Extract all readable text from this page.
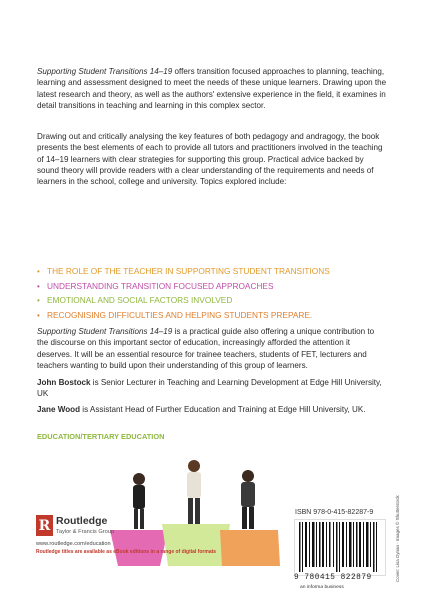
Supporting Student Transitions 14–19 offers transition focused approaches to planning, teaching, learning and assessment designed to meet the needs of these unique learners. Drawing upon the latest research and theory, as well as the authors' extensive experience in the field, it examines in detail transitions in teaching and learning in this complex sector.

Drawing out and critically analysing the key features of both pedagogy and andragogy, the book presents the best elements of each to provide all tutors and practitioners involved in the teaching of 14–19 learners with clear strategies for supporting this group. Practical advice backed by sound theory will provide readers with a clear understanding of the requirements and needs of learners in the school, college and university. Topics explored include:

• THE ROLE OF THE TEACHER IN SUPPORTING STUDENT TRANSITIONS
• UNDERSTANDING TRANSITION FOCUSED APPROACHES
• EMOTIONAL AND SOCIAL FACTORS INVOLVED
• RECOGNISING DIFFICULTIES AND HELPING STUDENTS PREPARE.

Supporting Student Transitions 14–19 is a practical guide also offering a unique contribution to the discourse on this important sector of education, increasingly afforded the attention it deserves. It will be an essential resource for trainee teachers, students of FET, lecturers and teachers wanting to build upon their understanding of this group of learners.

John Bostock is Senior Lecturer in Teaching and Learning Development at Edge Hill University, UK

Jane Wood is Assistant Head of Further Education and Training at Edge Hill University, UK.

EDUCATION/TERTIARY EDUCATION
R Routledge
Taylor & Francis Group
www.routledge.com/education
Routledge titles are available as eBook editions in a range of digital formats
ISBN 978-0-415-82287-9
9 780415 822879
an informa business
Cover: Lisa Dynan · Images © Shutterstock
